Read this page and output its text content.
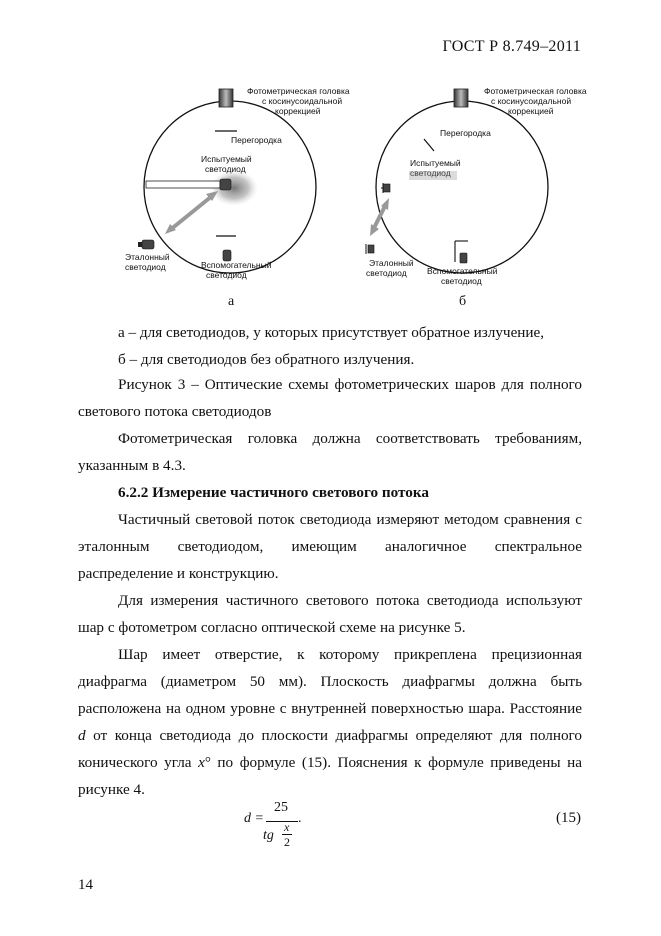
ГОСТ Р 8.749–2011
Фотометрическая головка
с косинусоидальной
коррекцией
Перегородка
Испытуемый
светодиод
Эталонный
светодиод	Вспомогательный
светодиод
а
Фотометрическая головка
с косинусоидальной
коррекцией
Перегородка
Испытуемый
светодиод
Эталонный
светодиод Вспомогательный
светодиод
б

а – для светодиодов, у которых присутствует обратное излучение,

б – для светодиодов без обратного излучения.

Рисунок 3 – Оптические схемы фотометрических шаров для полного светового потока светодиодов

Фотометрическая головка должна соответствовать требованиям, указанным в 4.3.

6.2.2 Измерение частичного светового потока

Частичный световой поток светодиода измеряют методом сравнения с эталонным светодиодом, имеющим аналогичное спектральное распределение и конструкцию.

Для измерения частичного светового потока светодиода используют шар с фотометром согласно оптической схеме на рисунке 5.

Шар имеет отверстие, к которому прикреплена прецизионная диафрагма (диаметром 50 мм). Плоскость диафрагмы должна быть расположена на одном уровне с внутренней поверхностью шара. Расстояние d от конца светодиода до плоскости диафрагмы определяют для полного конического угла x° по формуле (15). Пояснения к формуле приведены на рисунке 4.

d =
25
tg
x
2
.	(15)
14
